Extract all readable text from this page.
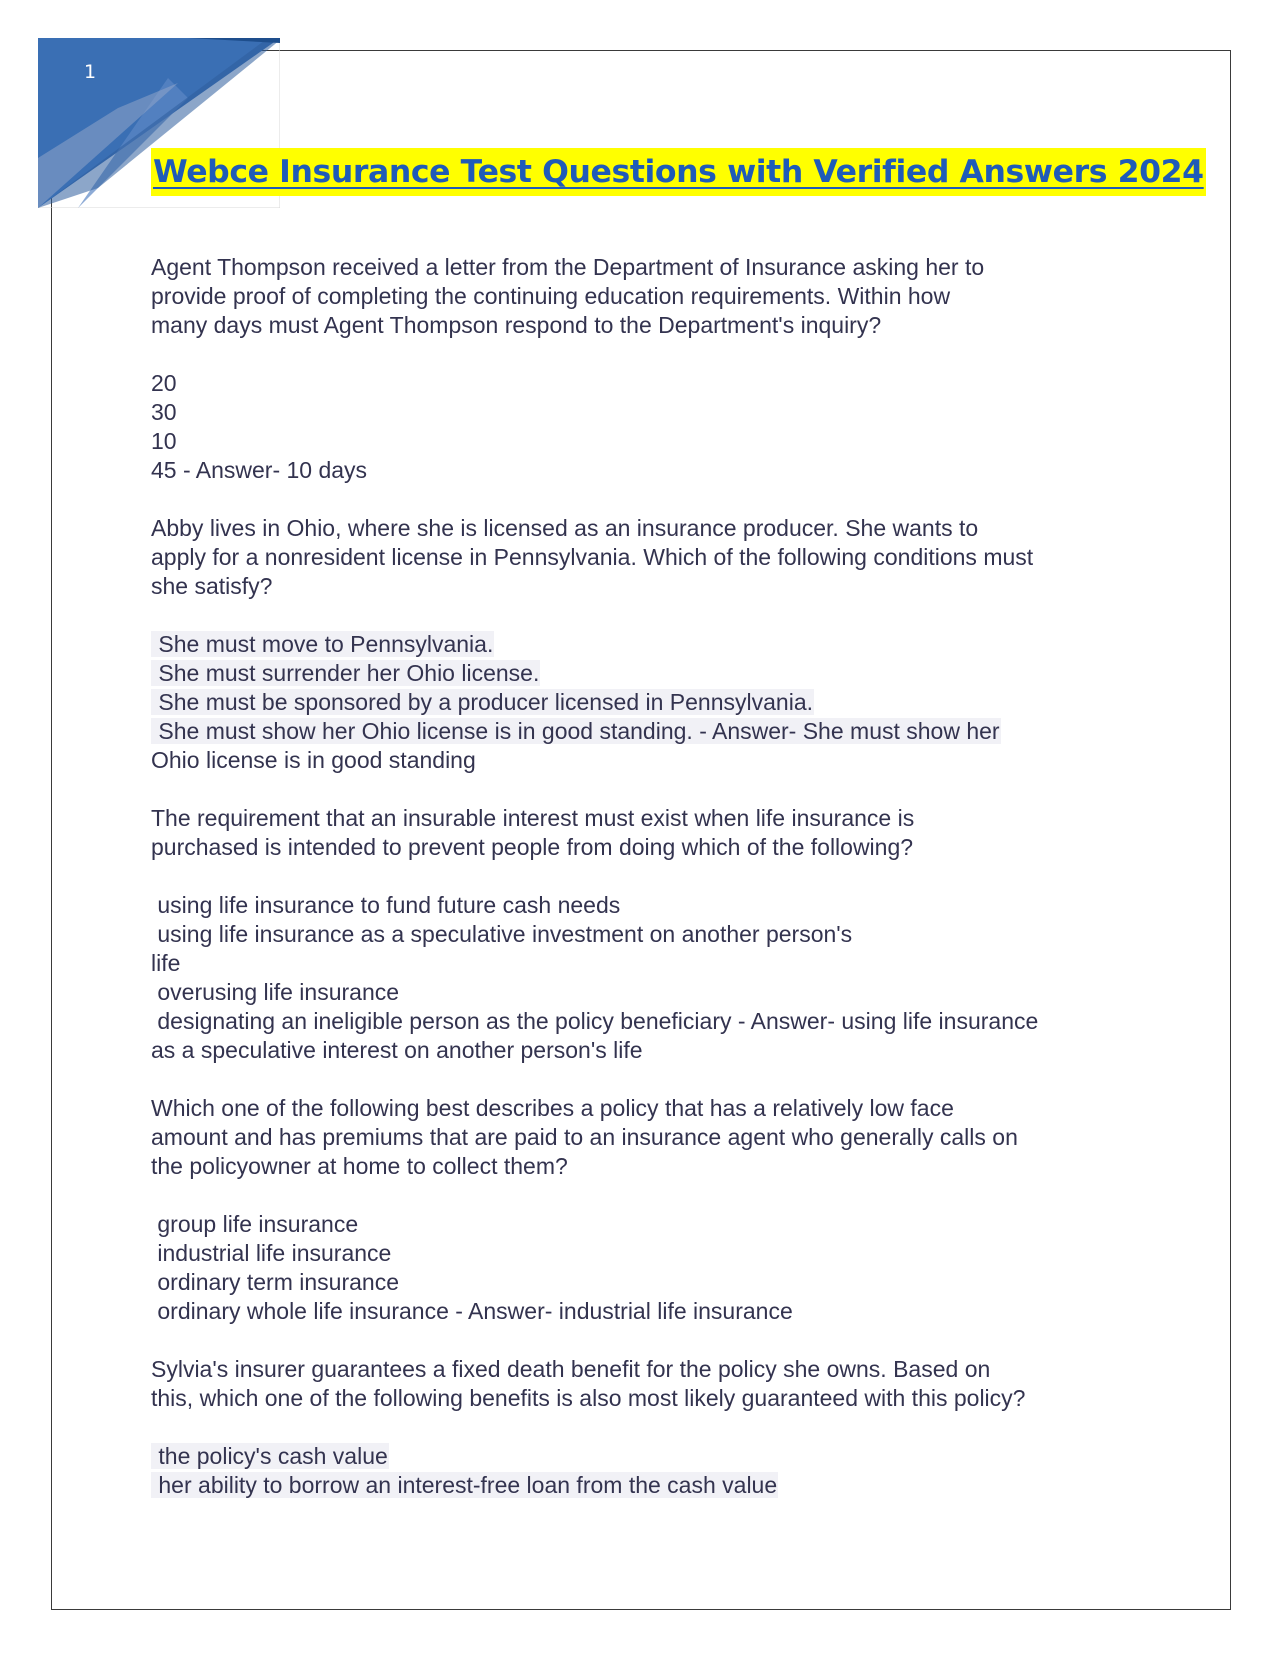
1
Webce Insurance Test Questions with Verified Answers 2024
Agent Thompson received a letter from the Department of Insurance asking her to
provide proof of completing the continuing education requirements. Within how
many days must Agent Thompson respond to the Department's inquiry?
20
30
10
45 - Answer- 10 days
Abby lives in Ohio, where she is licensed as an insurance producer. She wants to
apply for a nonresident license in Pennsylvania. Which of the following conditions must
she satisfy?
She must move to Pennsylvania.
She must surrender her Ohio license.
She must be sponsored by a producer licensed in Pennsylvania.
She must show her Ohio license is in good standing. - Answer- She must show her
Ohio license is in good standing
The requirement that an insurable interest must exist when life insurance is
purchased is intended to prevent people from doing which of the following?
using life insurance to fund future cash needs
using life insurance as a speculative investment on another person's
life
overusing life insurance
designating an ineligible person as the policy beneficiary - Answer- using life insurance
as a speculative interest on another person's life
Which one of the following best describes a policy that has a relatively low face
amount and has premiums that are paid to an insurance agent who generally calls on
the policyowner at home to collect them?
group life insurance
industrial life insurance
ordinary term insurance
ordinary whole life insurance - Answer- industrial life insurance
Sylvia's insurer guarantees a fixed death benefit for the policy she owns. Based on
this, which one of the following benefits is also most likely guaranteed with this policy?
the policy's cash value
her ability to borrow an interest-free loan from the cash value
